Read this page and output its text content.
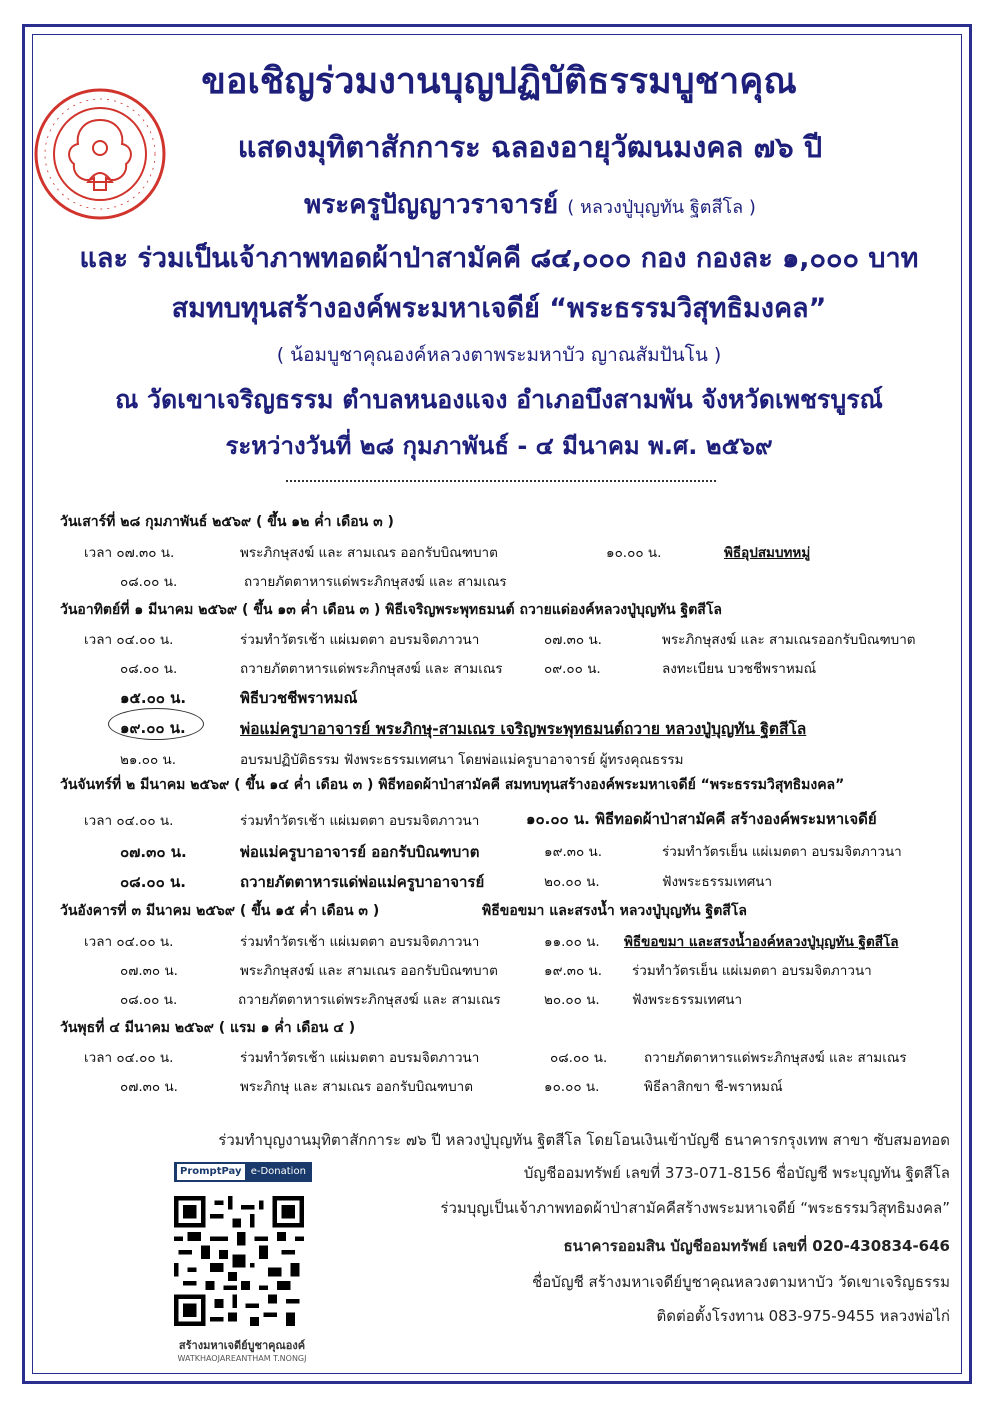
ขอเชิญร่วมงานบุญปฏิบัติธรรมบูชาคุณ
แสดงมุทิตาสักการะ ฉลองอายุวัฒนมงคล ๗๖ ปี
พระครูปัญญาวราจารย์ ( หลวงปู่บุญทัน ฐิตสีโล )
และ ร่วมเป็นเจ้าภาพทอดผ้าป่าสามัคคี ๘๔,๐๐๐ กอง กองละ ๑,๐๐๐ บาท
สมทบทุนสร้างองค์พระมหาเจดีย์ “พระธรรมวิสุทธิมงคล”
( น้อมบูชาคุณองค์หลวงตาพระมหาบัว ญาณสัมปันโน )
ณ วัดเขาเจริญธรรม ตำบลหนองแจง อำเภอบึงสามพัน จังหวัดเพชรบูรณ์
ระหว่างวันที่ ๒๘ กุมภาพันธ์ - ๔ มีนาคม พ.ศ. ๒๕๖๙
วันเสาร์ที่ ๒๘ กุมภาพันธ์ ๒๕๖๙ ( ขึ้น ๑๒ ค่ำ เดือน ๓ )
เวลา ๐๗.๓๐ น.	พระภิกษุสงฆ์ และ สามเณร ออกรับบิณฑบาต	๑๐.๐๐ น.	พิธีอุปสมบทหมู่
๐๘.๐๐ น.	ถวายภัตตาหารแด่พระภิกษุสงฆ์ และ สามเณร
วันอาทิตย์ที่ ๑ มีนาคม ๒๕๖๙ ( ขึ้น ๑๓ ค่ำ เดือน ๓ ) พิธีเจริญพระพุทธมนต์ ถวายแด่องค์หลวงปู่บุญทัน ฐิตสีโล
เวลา ๐๔.๐๐ น.	ร่วมทำวัตรเช้า แผ่เมตตา อบรมจิตภาวนา	๐๗.๓๐ น.	พระภิกษุสงฆ์ และ สามเณรออกรับบิณฑบาต
๐๘.๐๐ น.	ถวายภัตตาหารแด่พระภิกษุสงฆ์ และ สามเณร	๐๙.๐๐ น.	ลงทะเบียน บวชชีพราหมณ์
๑๕.๐๐ น.	พิธีบวชชีพราหมณ์
๑๙.๐๐ น.	พ่อแม่ครูบาอาจารย์ พระภิกษุ-สามเณร เจริญพระพุทธมนต์ถวาย หลวงปู่บุญทัน ฐิตสีโล
๒๑.๐๐ น.	อบรมปฏิบัติธรรม ฟังพระธรรมเทศนา โดยพ่อแม่ครูบาอาจารย์ ผู้ทรงคุณธรรม
วันจันทร์ที่ ๒ มีนาคม ๒๕๖๙ ( ขึ้น ๑๔ ค่ำ เดือน ๓ ) พิธีทอดผ้าป่าสามัคคี สมทบทุนสร้างองค์พระมหาเจดีย์ “พระธรรมวิสุทธิมงคล”
เวลา ๐๔.๐๐ น.	ร่วมทำวัตรเช้า แผ่เมตตา อบรมจิตภาวนา	๑๐.๐๐ น. พิธีทอดผ้าป่าสามัคคี สร้างองค์พระมหาเจดีย์
๐๗.๓๐ น.	พ่อแม่ครูบาอาจารย์ ออกรับบิณฑบาต	๑๙.๓๐ น.	ร่วมทำวัตรเย็น แผ่เมตตา อบรมจิตภาวนา
๐๘.๐๐ น.	ถวายภัตตาหารแด่พ่อแม่ครูบาอาจารย์	๒๐.๐๐ น.	ฟังพระธรรมเทศนา
วันอังคารที่ ๓ มีนาคม ๒๕๖๙ ( ขึ้น ๑๕ ค่ำ เดือน ๓ )	พิธีขอขมา และสรงน้ำ หลวงปู่บุญทัน ฐิตสีโล
เวลา ๐๔.๐๐ น.	ร่วมทำวัตรเช้า แผ่เมตตา อบรมจิตภาวนา	๑๑.๐๐ น. พิธีขอขมา และสรงน้ำองค์หลวงปู่บุญทัน ฐิตสีโล
๐๗.๓๐ น.	พระภิกษุสงฆ์ และ สามเณร ออกรับบิณฑบาต	๑๙.๓๐ น. ร่วมทำวัตรเย็น แผ่เมตตา อบรมจิตภาวนา
๐๘.๐๐ น.	ถวายภัตตาหารแด่พระภิกษุสงฆ์ และ สามเณร	๒๐.๐๐ น. ฟังพระธรรมเทศนา
วันพุธที่ ๔ มีนาคม ๒๕๖๙ ( แรม ๑ ค่ำ เดือน ๔ )
เวลา ๐๔.๐๐ น.	ร่วมทำวัตรเช้า แผ่เมตตา อบรมจิตภาวนา	๐๘.๐๐ น.	ถวายภัตตาหารแด่พระภิกษุสงฆ์ และ สามเณร
๐๗.๓๐ น.	พระภิกษุ และ สามเณร ออกรับบิณฑบาต	๑๐.๐๐ น.	พิธีลาสิกขา ชี-พราหมณ์
ร่วมทำบุญงานมุทิตาสักการะ ๗๖ ปี หลวงปู่บุญทัน ฐิตสีโล โดยโอนเงินเข้าบัญชี ธนาคารกรุงเทพ สาขา ซับสมอทอด
บัญชีออมทรัพย์ เลขที่ 373-071-8156 ชื่อบัญชี พระบุญทัน ฐิตสีโล
ร่วมบุญเป็นเจ้าภาพทอดผ้าป่าสามัคคีสร้างพระมหาเจดีย์ “พระธรรมวิสุทธิมงคล”
ธนาคารออมสิน บัญชีออมทรัพย์ เลขที่ 020-430834-646
ชื่อบัญชี สร้างมหาเจดีย์บูชาคุณหลวงตามหาบัว วัดเขาเจริญธรรม
ติดต่อตั้งโรงทาน 083-975-9455 หลวงพ่อไก่
PromptPay e-Donation
สร้างมหาเจดีย์บูชาคุณองค์
WATKHAOJAREANTHAM T.NONGJ
